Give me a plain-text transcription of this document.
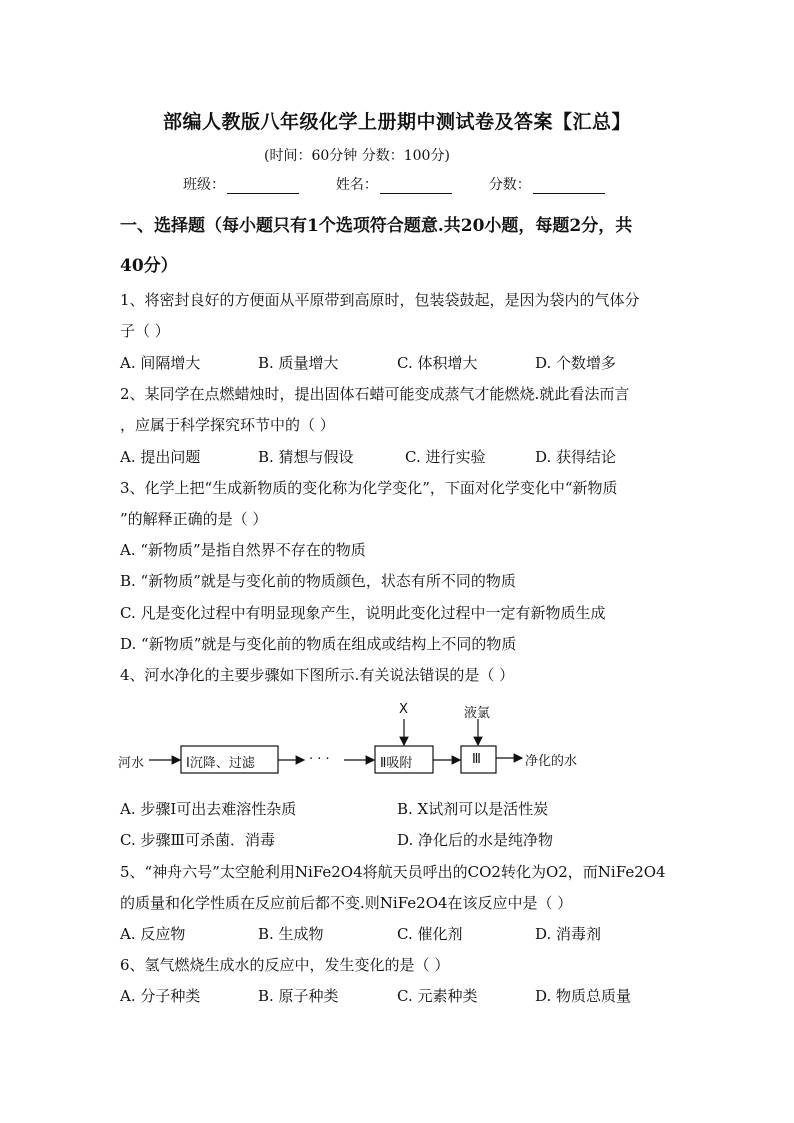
部编人教版八年级化学上册期中测试卷及答案【汇总】
(时间：60分钟 分数：100分)
班级：	姓名：	分数：
一、选择题（每小题只有1个选项符合题意.共20小题，每题2分，共
40分）
1、将密封良好的方便面从平原带到高原时，包装袋鼓起，是因为袋内的气体分
子（ ）
A. 间隔增大	B. 质量增大	C. 体积增大	D. 个数增多
2、某同学在点燃蜡烛时，提出固体石蜡可能变成蒸气才能燃烧.就此看法而言
，应属于科学探究环节中的（ ）
A. 提出问题	B. 猜想与假设	C. 进行实验	D. 获得结论
3、化学上把“生成新物质的变化称为化学变化”，下面对化学变化中“新物质
”的解释正确的是（ ）
A. “新物质”是指自然界不存在的物质
B. “新物质”就是与变化前的物质颜色，状态有所不同的物质
C. 凡是变化过程中有明显现象产生，说明此变化过程中一定有新物质生成
D. “新物质”就是与变化前的物质在组成或结构上不同的物质
4、河水净化的主要步骤如下图所示.有关说法错误的是（ ）
河水	Ⅰ沉降、过滤	· · ·	Ⅱ吸附	Ⅲ
X	液氯
净化的水
A. 步骤Ⅰ可出去难溶性杂质	B. X试剂可以是活性炭
C. 步骤Ⅲ可杀菌．消毒	D. 净化后的水是纯净物
5、“神舟六号”太空舱利用NiFe2O4将航天员呼出的CO2转化为O2，而NiFe2O4
的质量和化学性质在反应前后都不变.则NiFe2O4在该反应中是（ ）
A. 反应物	B. 生成物	C. 催化剂	D. 消毒剂
6、氢气燃烧生成水的反应中，发生变化的是（ ）
A. 分子种类	B. 原子种类	C. 元素种类	D. 物质总质量
